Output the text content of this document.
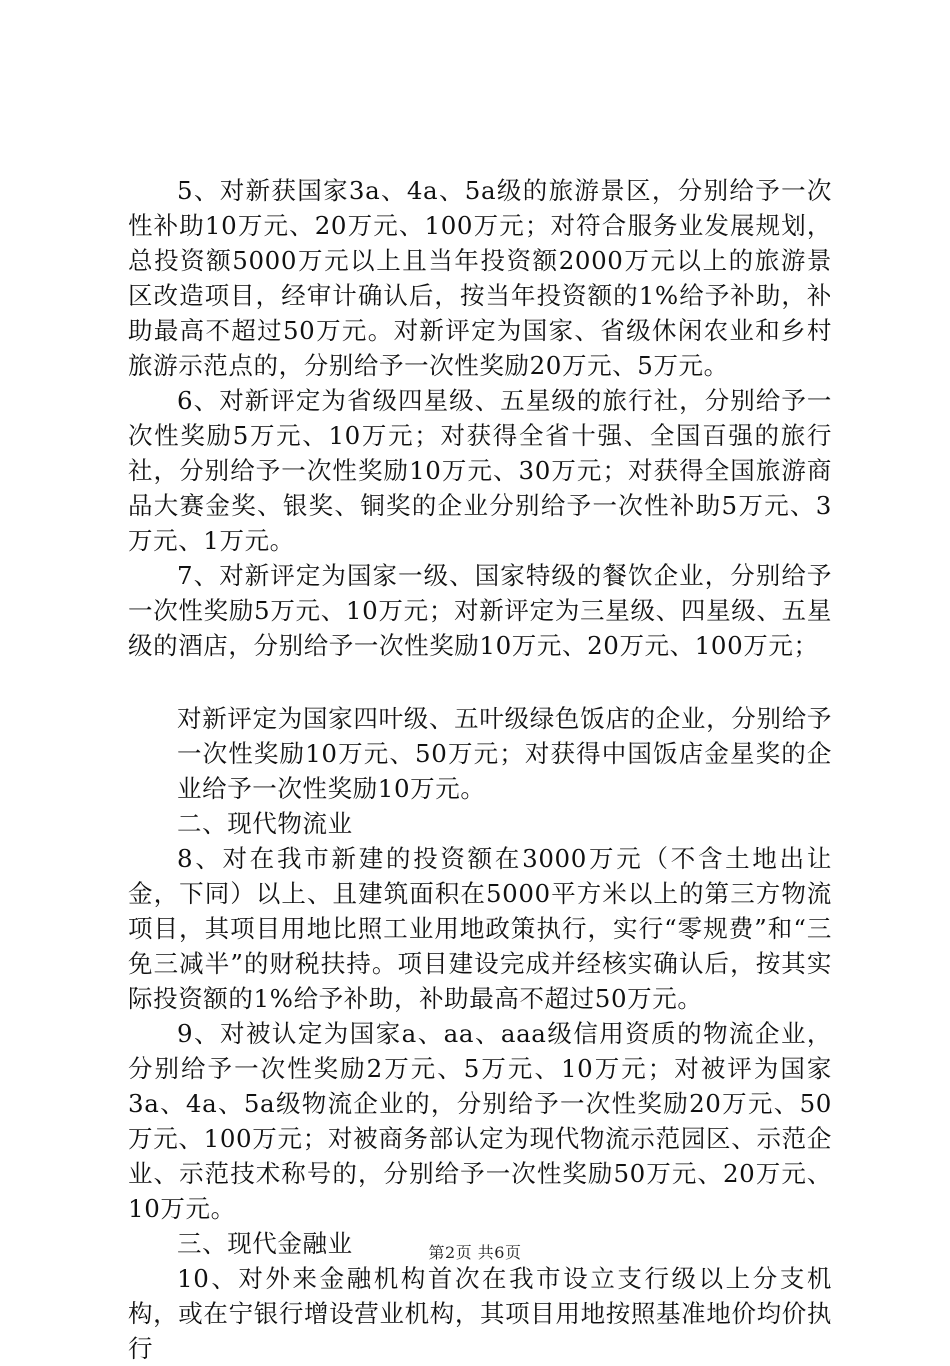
5、对新获国家3a、4a、5a级的旅游景区，分别给予一次性补助10万元、20万元、100万元；对符合服务业发展规划，总投资额5000万元以上且当年投资额2000万元以上的旅游景区改造项目，经审计确认后，按当年投资额的1%给予补助，补助最高不超过50万元。对新评定为国家、省级休闲农业和乡村旅游示范点的，分别给予一次性奖励20万元、5万元。

6、对新评定为省级四星级、五星级的旅行社，分别给予一次性奖励5万元、10万元；对获得全省十强、全国百强的旅行社，分别给予一次性奖励10万元、30万元；对获得全国旅游商品大赛金奖、银奖、铜奖的企业分别给予一次性补助5万元、3万元、1万元。

7、对新评定为国家一级、国家特级的餐饮企业，分别给予一次性奖励5万元、10万元；对新评定为三星级、四星级、五星级的酒店，分别给予一次性奖励10万元、20万元、100万元；

对新评定为国家四叶级、五叶级绿色饭店的企业，分别给予一次性奖励10万元、50万元；对获得中国饭店金星奖的企业给予一次性奖励10万元。

二、现代物流业

8、对在我市新建的投资额在3000万元（不含土地出让金，下同）以上、且建筑面积在5000平方米以上的第三方物流项目，其项目用地比照工业用地政策执行，实行“零规费”和“三免三减半”的财税扶持。项目建设完成并经核实确认后，按其实际投资额的1%给予补助，补助最高不超过50万元。

9、对被认定为国家a、aa、aaa级信用资质的物流企业，分别给予一次性奖励2万元、5万元、10万元；对被评为国家3a、4a、5a级物流企业的，分别给予一次性奖励20万元、50万元、100万元；对被商务部认定为现代物流示范园区、示范企业、示范技术称号的，分别给予一次性奖励50万元、20万元、10万元。

三、现代金融业

10、对外来金融机构首次在我市设立支行级以上分支机构，或在宁银行增设营业机构，其项目用地按照基准地价均价执行

第2页 共6页
